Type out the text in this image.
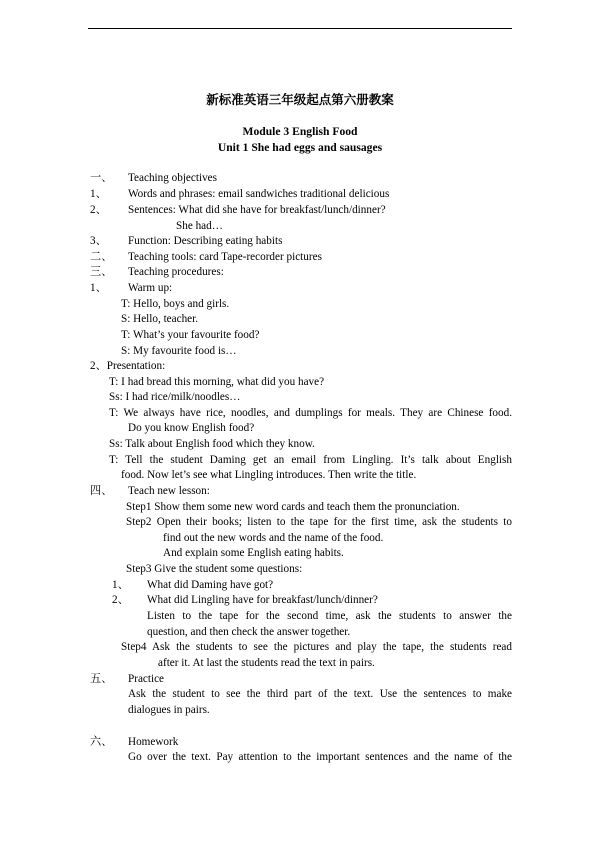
新标准英语三年级起点第六册教案
Module 3 English Food
Unit 1 She had eggs and sausages
一、 Teaching objectives
1、 Words and phrases: email sandwiches traditional delicious
2、 Sentences: What did she have for breakfast/lunch/dinner?
She had…
3、 Function: Describing eating habits
二、 Teaching tools: card Tape-recorder pictures
三、 Teaching procedures:
1、 Warm up:
T: Hello, boys and girls.
S: Hello, teacher.
T: What’s your favourite food?
S: My favourite food is…
2、Presentation:
T: I had bread this morning, what did you have?
Ss: I had rice/milk/noodles…
T: We always have rice, noodles, and dumplings for meals. They are Chinese food.
Do you know English food?
Ss: Talk about English food which they know.
T: Tell the student Daming get an email from Lingling. It’s talk about English
food. Now let’s see what Lingling introduces. Then write the title.
四、 Teach new lesson:
Step1 Show them some new word cards and teach them the pronunciation.
Step2 Open their books; listen to the tape for the first time, ask the students to
find out the new words and the name of the food.
And explain some English eating habits.
Step3 Give the student some questions:
1、 What did Daming have got?
2、 What did Lingling have for breakfast/lunch/dinner?
Listen to the tape for the second time, ask the students to answer the
question, and then check the answer together.
Step4 Ask the students to see the pictures and play the tape, the students read
after it. At last the students read the text in pairs.
五、 Practice
Ask the student to see the third part of the text. Use the sentences to make
dialogues in pairs.
六、 Homework
Go over the text. Pay attention to the important sentences and the name of the
